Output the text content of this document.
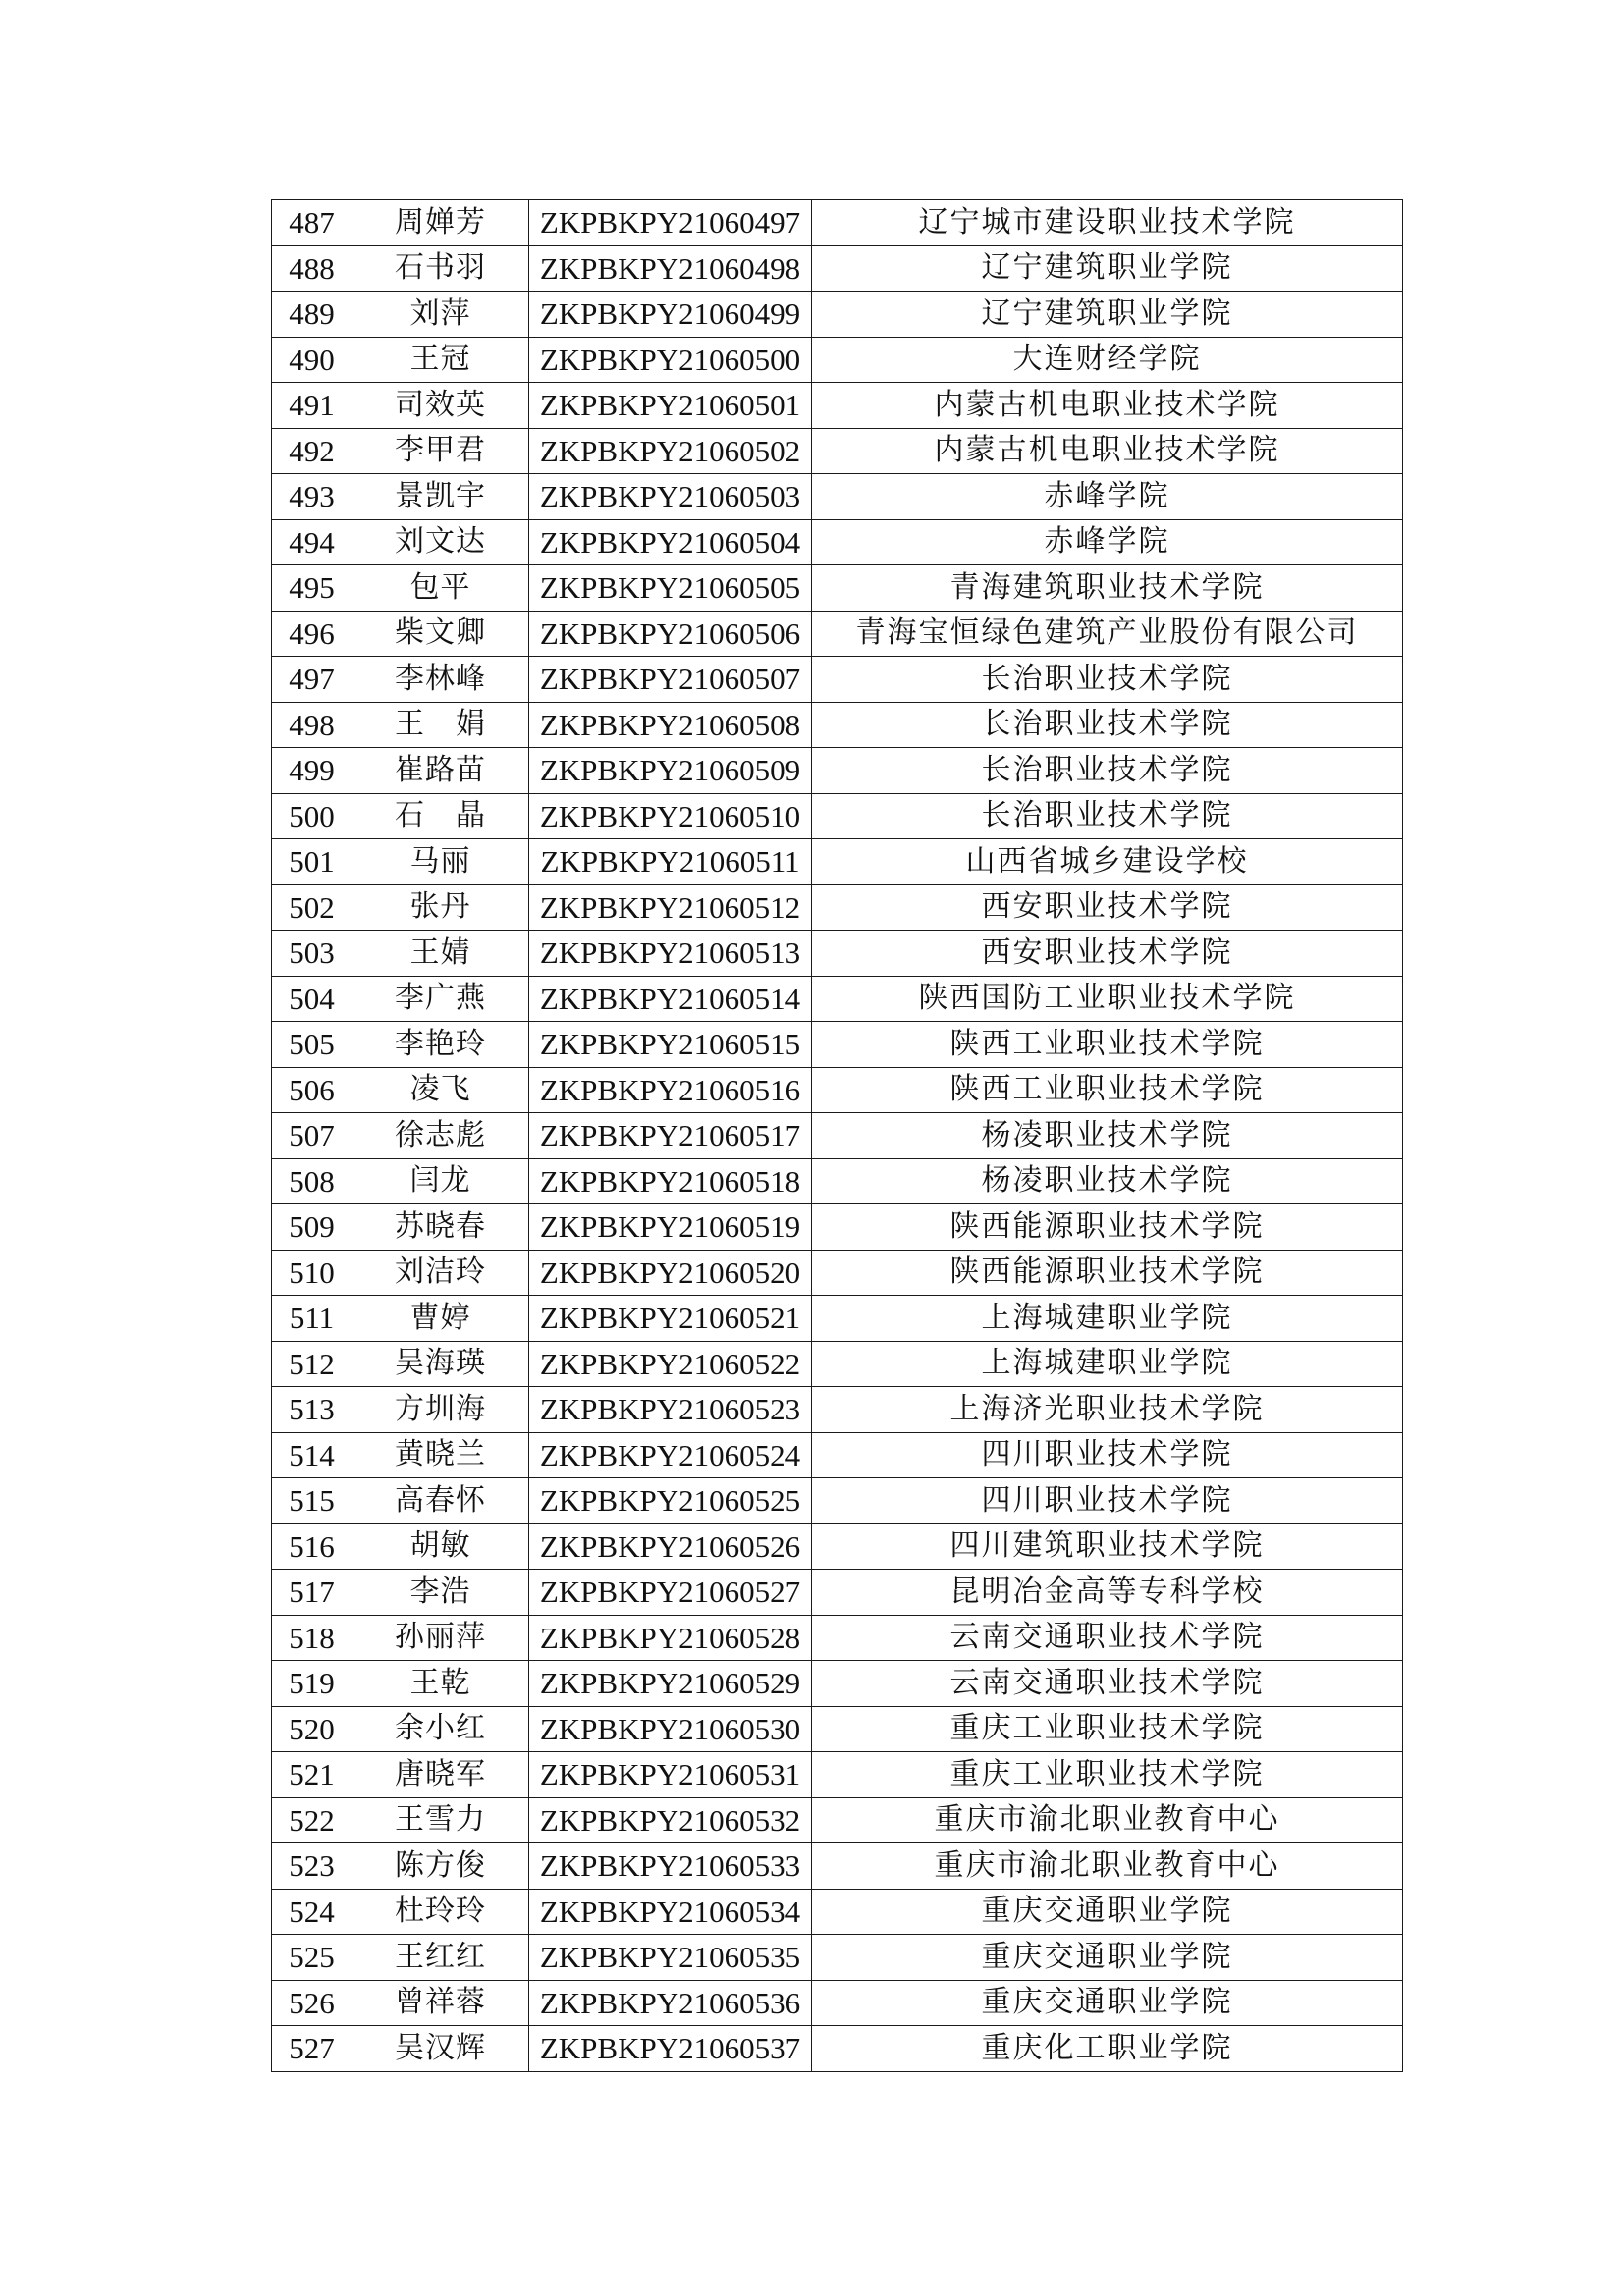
487	周婵芳	ZKPBKPY21060497	辽宁城市建设职业技术学院
488	石书羽	ZKPBKPY21060498	辽宁建筑职业学院
489	刘萍	ZKPBKPY21060499	辽宁建筑职业学院
490	王冠	ZKPBKPY21060500	大连财经学院
491	司效英	ZKPBKPY21060501	内蒙古机电职业技术学院
492	李甲君	ZKPBKPY21060502	内蒙古机电职业技术学院
493	景凯宇	ZKPBKPY21060503	赤峰学院
494	刘文达	ZKPBKPY21060504	赤峰学院
495	包平	ZKPBKPY21060505	青海建筑职业技术学院
496	柴文卿	ZKPBKPY21060506	青海宝恒绿色建筑产业股份有限公司
497	李林峰	ZKPBKPY21060507	长治职业技术学院
498	王　娟	ZKPBKPY21060508	长治职业技术学院
499	崔路苗	ZKPBKPY21060509	长治职业技术学院
500	石　晶	ZKPBKPY21060510	长治职业技术学院
501	马丽	ZKPBKPY21060511	山西省城乡建设学校
502	张丹	ZKPBKPY21060512	西安职业技术学院
503	王婧	ZKPBKPY21060513	西安职业技术学院
504	李广燕	ZKPBKPY21060514	陕西国防工业职业技术学院
505	李艳玲	ZKPBKPY21060515	陕西工业职业技术学院
506	凌飞	ZKPBKPY21060516	陕西工业职业技术学院
507	徐志彪	ZKPBKPY21060517	杨凌职业技术学院
508	闫龙	ZKPBKPY21060518	杨凌职业技术学院
509	苏晓春	ZKPBKPY21060519	陕西能源职业技术学院
510	刘洁玲	ZKPBKPY21060520	陕西能源职业技术学院
511	曹婷	ZKPBKPY21060521	上海城建职业学院
512	吴海瑛	ZKPBKPY21060522	上海城建职业学院
513	方圳海	ZKPBKPY21060523	上海济光职业技术学院
514	黄晓兰	ZKPBKPY21060524	四川职业技术学院
515	高春怀	ZKPBKPY21060525	四川职业技术学院
516	胡敏	ZKPBKPY21060526	四川建筑职业技术学院
517	李浩	ZKPBKPY21060527	昆明冶金高等专科学校
518	孙丽萍	ZKPBKPY21060528	云南交通职业技术学院
519	王乾	ZKPBKPY21060529	云南交通职业技术学院
520	余小红	ZKPBKPY21060530	重庆工业职业技术学院
521	唐晓军	ZKPBKPY21060531	重庆工业职业技术学院
522	王雪力	ZKPBKPY21060532	重庆市渝北职业教育中心
523	陈方俊	ZKPBKPY21060533	重庆市渝北职业教育中心
524	杜玲玲	ZKPBKPY21060534	重庆交通职业学院
525	王红红	ZKPBKPY21060535	重庆交通职业学院
526	曾祥蓉	ZKPBKPY21060536	重庆交通职业学院
527	吴汉辉	ZKPBKPY21060537	重庆化工职业学院
